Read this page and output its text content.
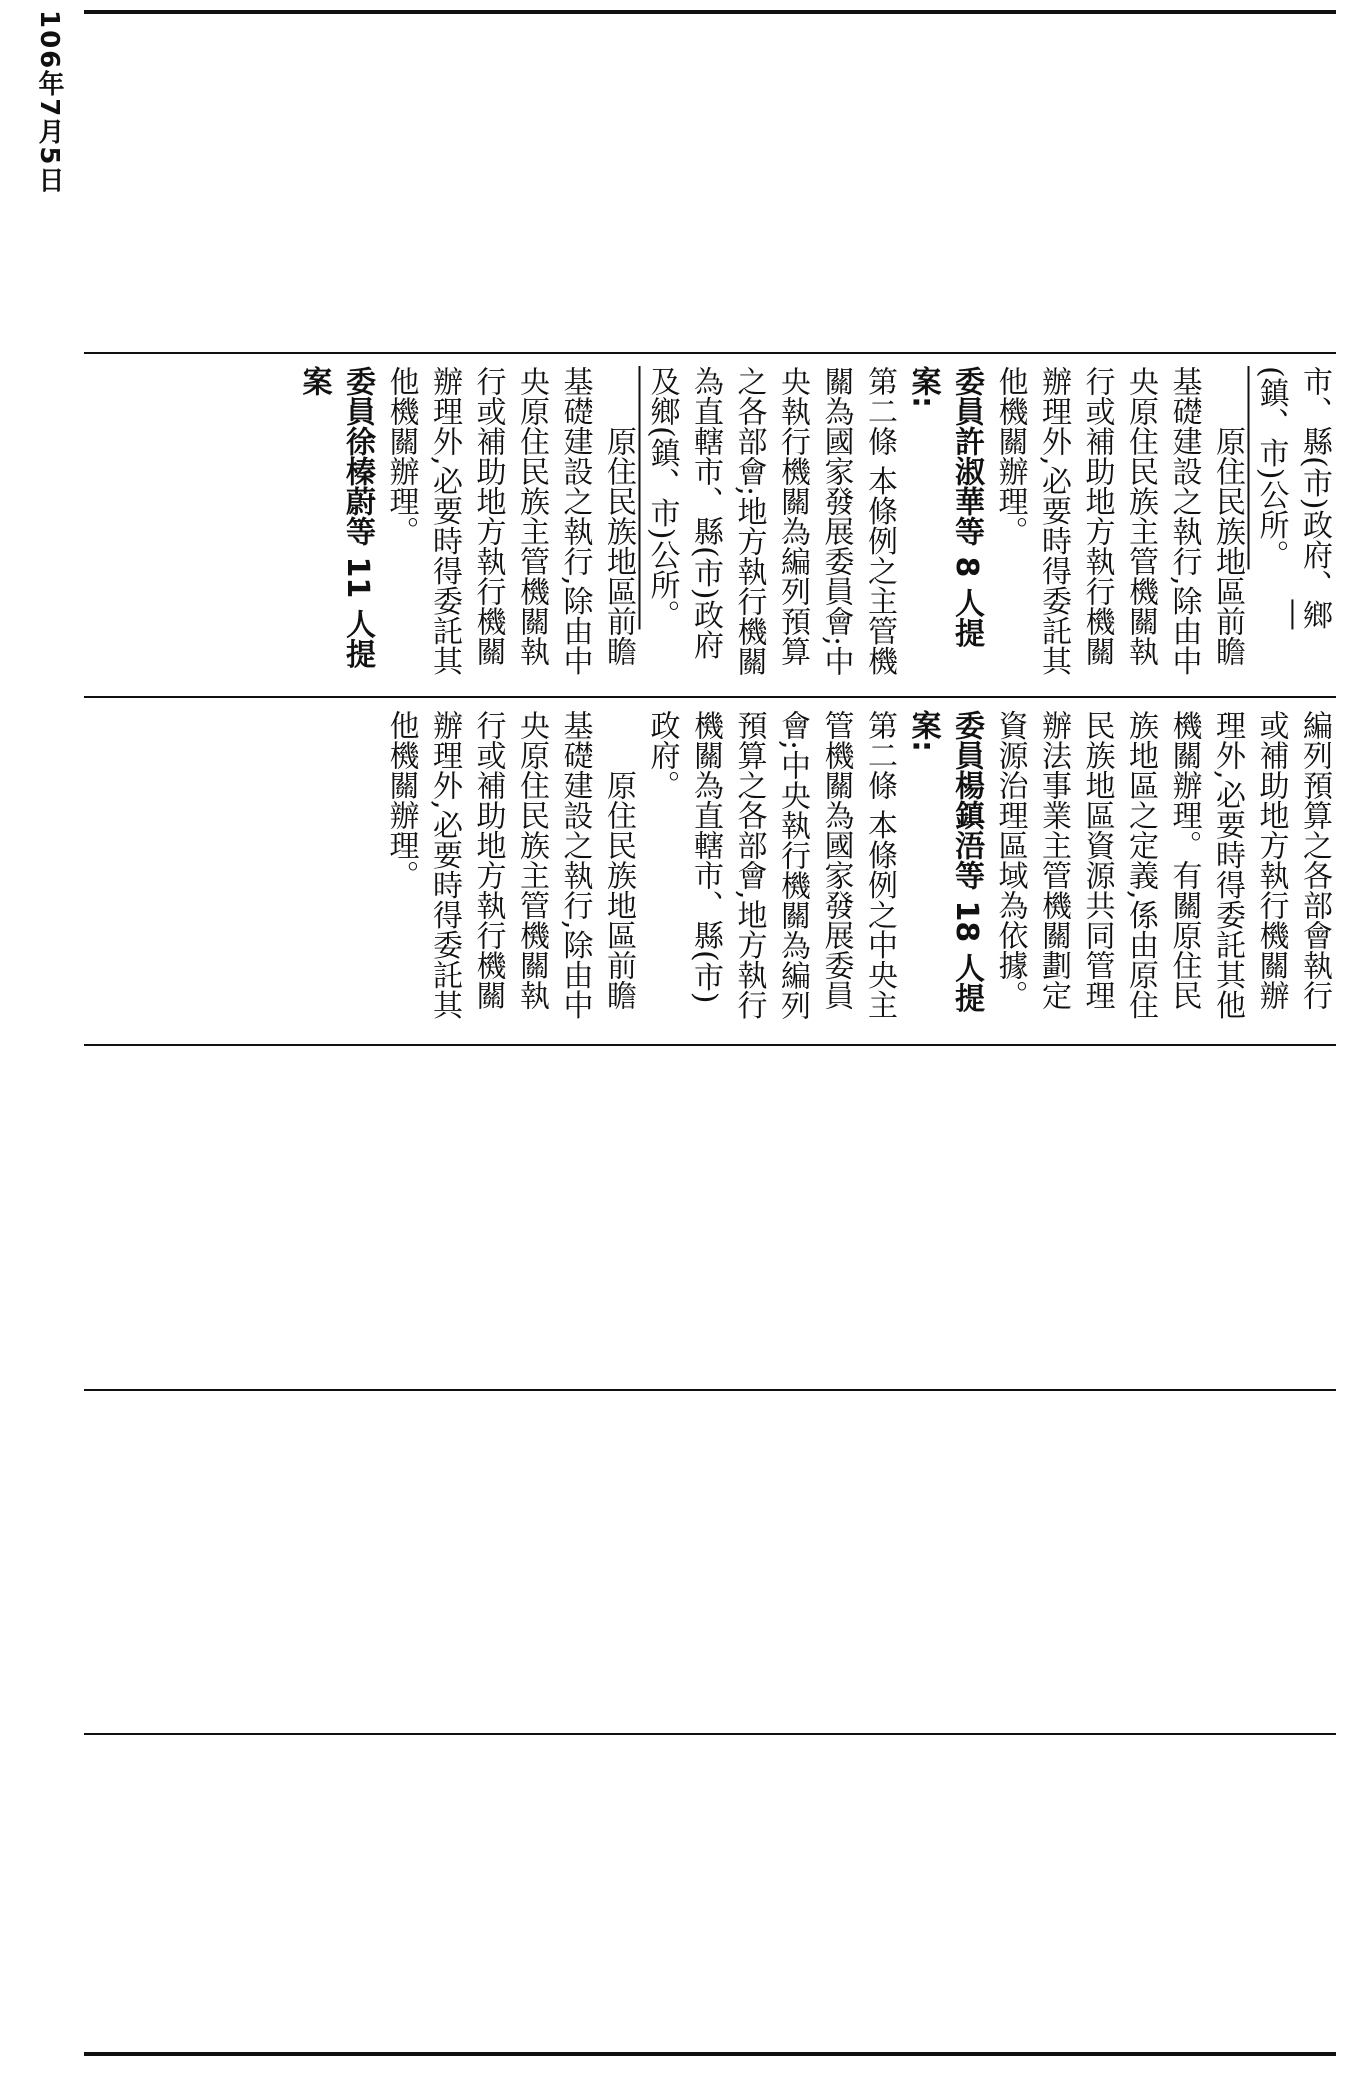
106年7月5日

市、縣(市)政府、鄉(鎮、市)公所。

原住民族地區前瞻基礎建設之執行,除由中央原住民族主管機關執行或補助地方執行機關辦理外,必要時得委託其他機關辦理。

委員許淑華等 8 人提案:

第二條 本條例之主管機關為國家發展委員會;中央執行機關為編列預算之各部會;地方執行機關為直轄市、縣(市)政府及鄉(鎮、市)公所。

原住民族地區前瞻基礎建設之執行,除由中央原住民族主管機關執行或補助地方執行機關辦理外,必要時得委託其他機關辦理。

委員徐榛蔚等 11 人提案

編列預算之各部會執行或補助地方執行機關辦理外,必要時得委託其他機關辦理。有關原住民族地區之定義,係由原住民族地區資源共同管理辦法事業主管機關劃定資源治理區域為依據。

委員楊鎮浯等 18 人提案:

第二條 本條例之中央主管機關為國家發展委員會;中央執行機關為編列預算之各部會,地方執行機關為直轄市、縣(市)政府。

原住民族地區前瞻基礎建設之執行,除由中央原住民族主管機關執行或補助地方執行機關辦理外,必要時得委託其他機關辦理。
